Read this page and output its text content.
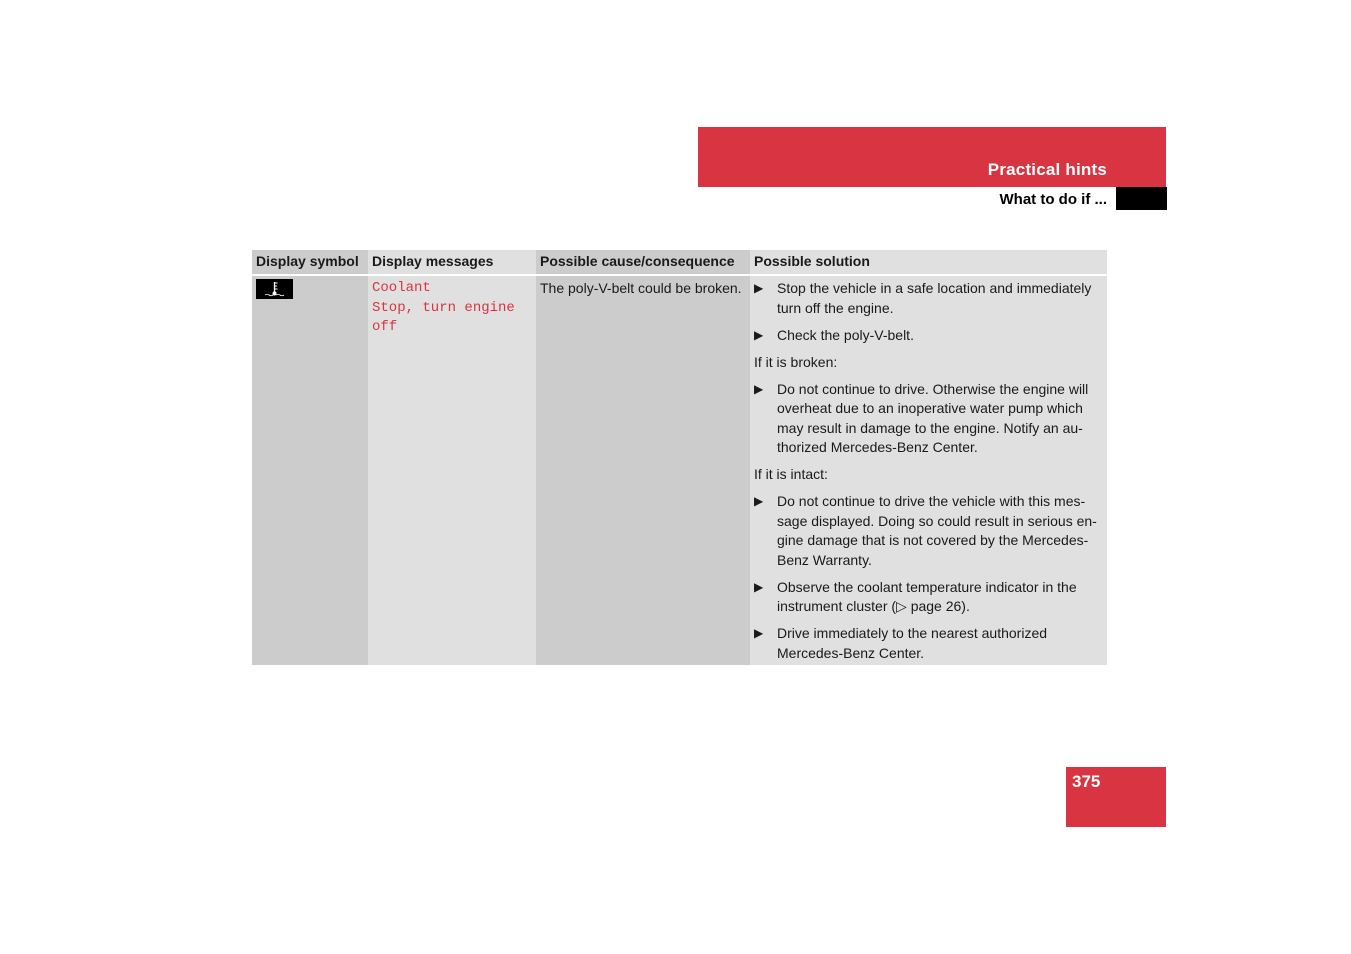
Practical hints
What to do if ...
Display symbol Display messages
Coolant
Stop, turn engine off
Possible cause/consequence
The poly-V-belt could be broken.
Possible solution
▶ Stop the vehicle in a safe location and immediately turn off the engine.
▶ Check the poly-V-belt.
If it is broken:
▶ Do not continue to drive. Otherwise the engine will overheat due to an inoperative water pump which may result in damage to the engine. Notify an au-thorized Mercedes-Benz Center.
If it is intact:
▶ Do not continue to drive the vehicle with this mes-sage displayed. Doing so could result in serious en-gine damage that is not covered by the Mercedes-Benz Warranty.
▶ Observe the coolant temperature indicator in the instrument cluster (▷ page 26).
▶ Drive immediately to the nearest authorized Mercedes-Benz Center.
375
